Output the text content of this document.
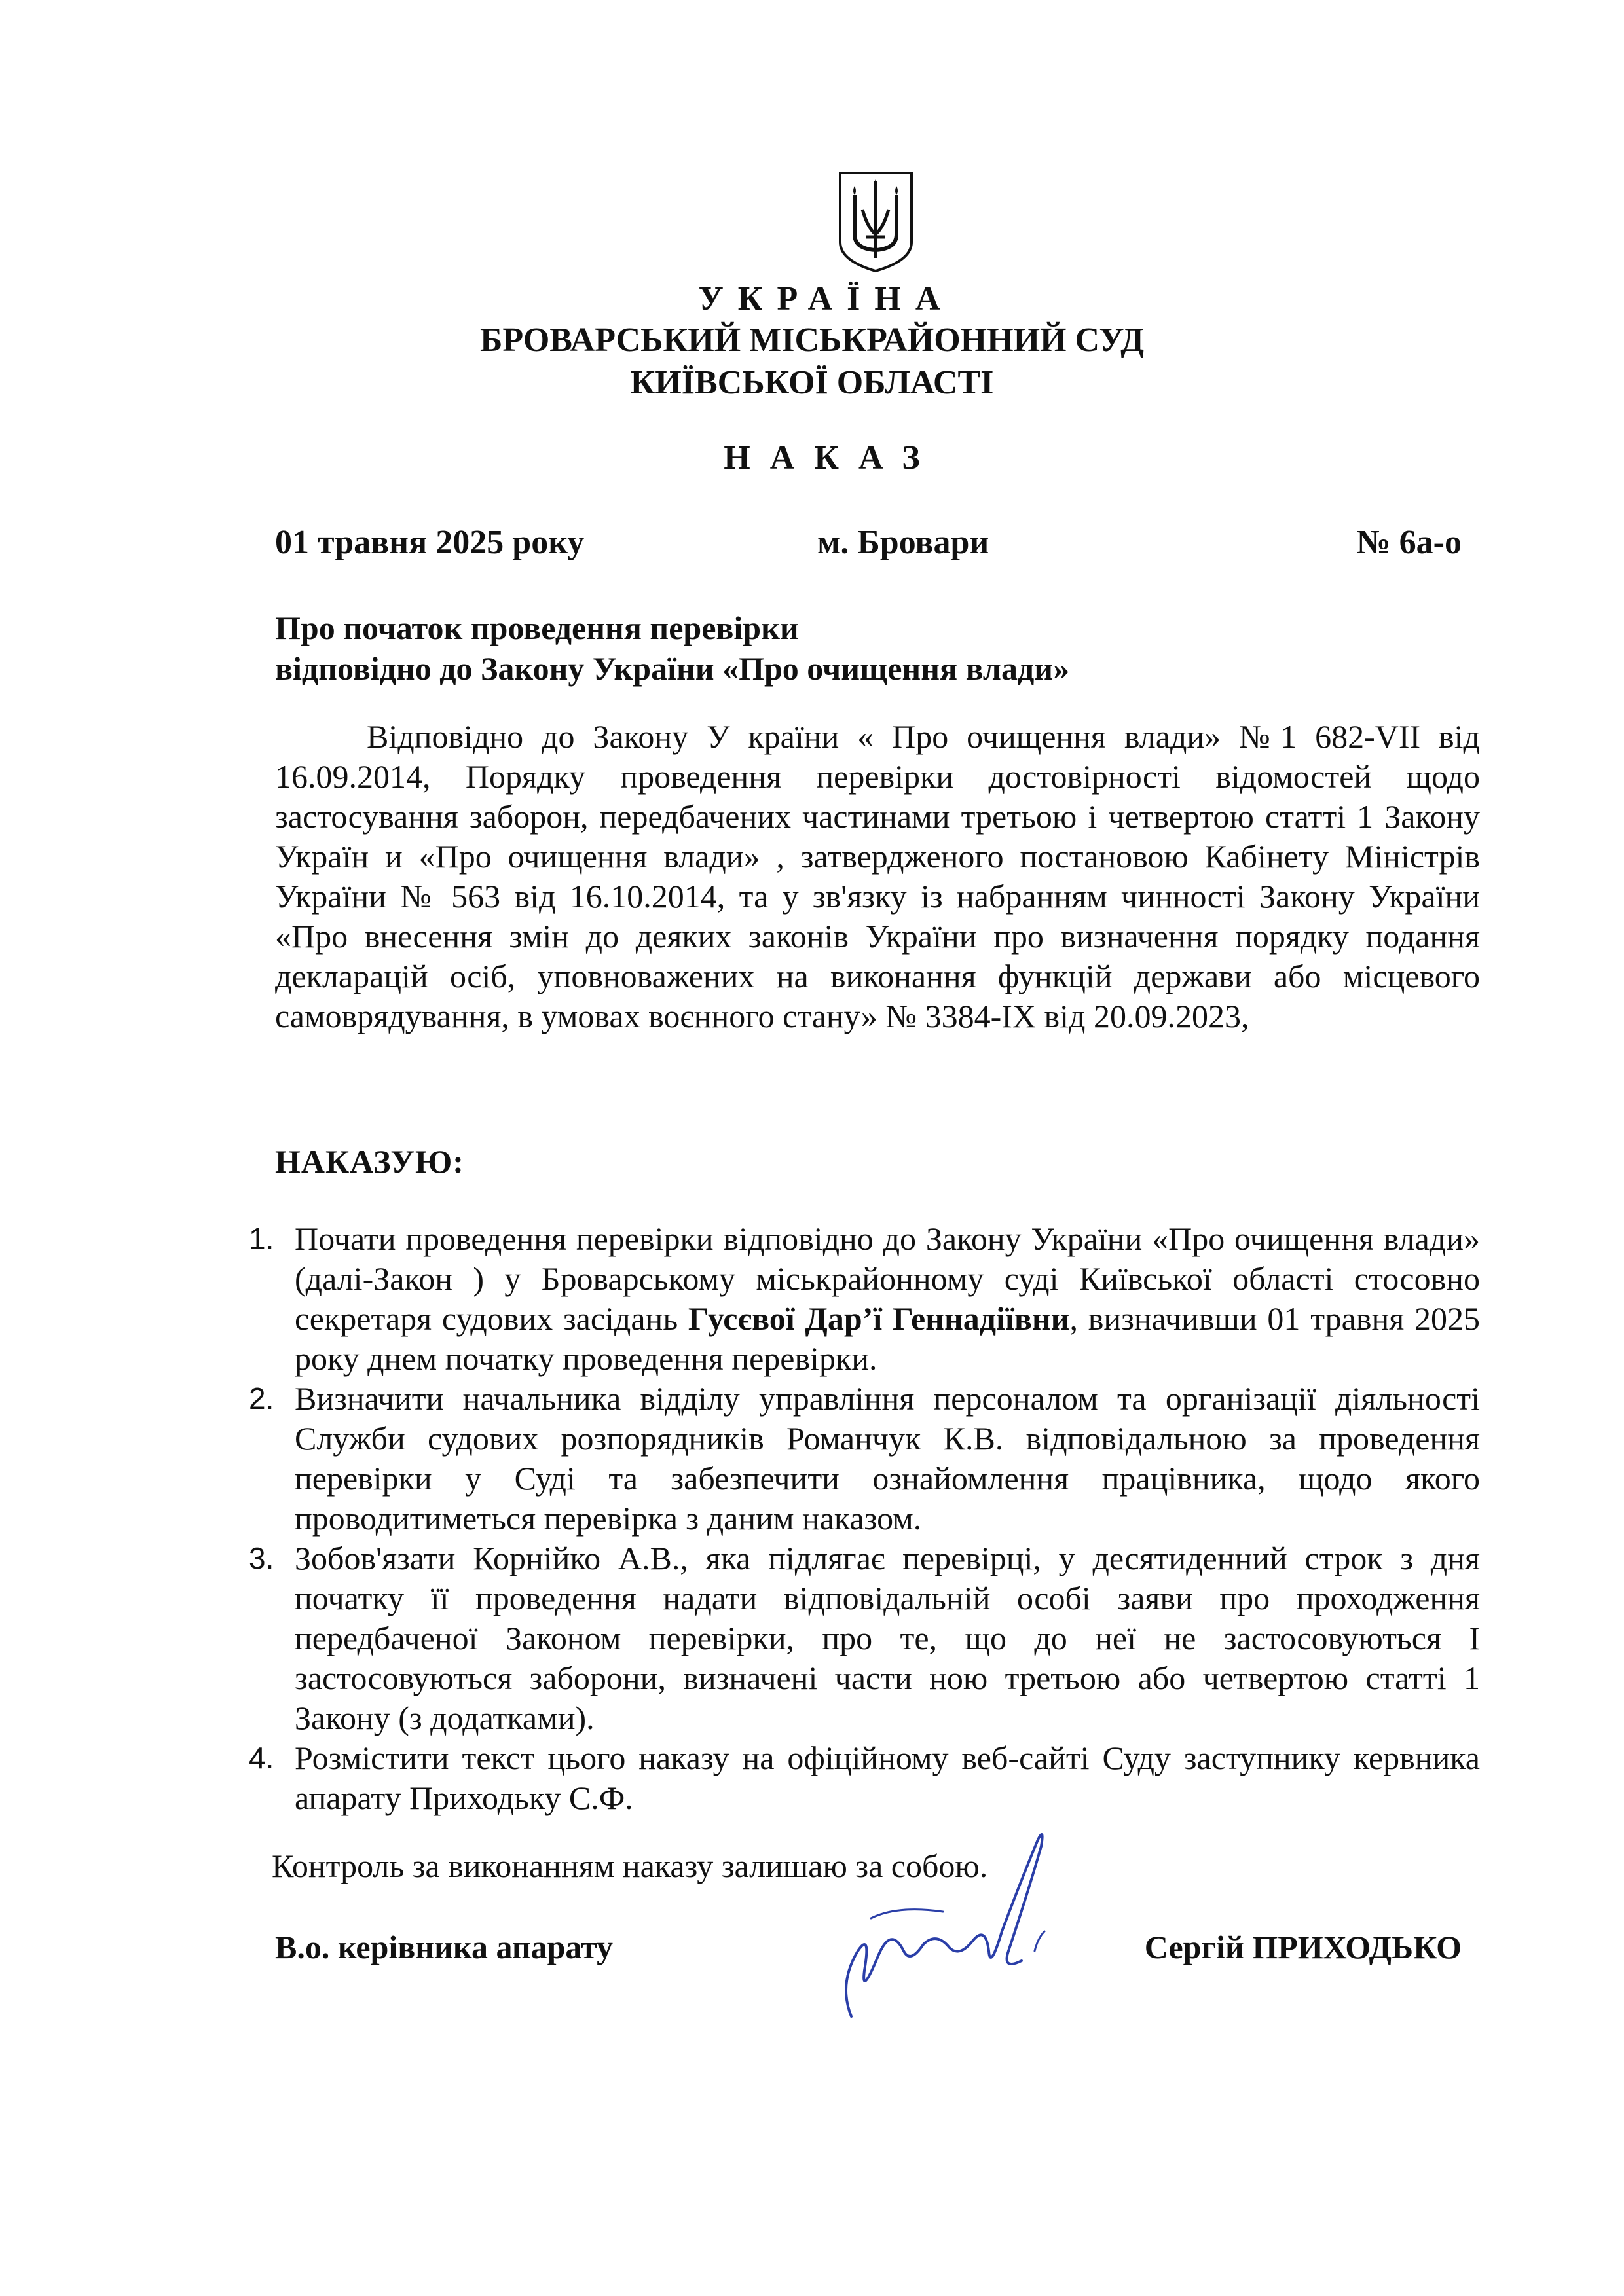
УКРАЇНА
БРОВАРСЬКИЙ МІСЬКРАЙОННИЙ СУД
КИЇВСЬКОЇ ОБЛАСТІ
НАКАЗ
01 травня 2025 року	м. Бровари	№ 6а-о
Про початок проведення перевірки
відповідно до Закону України «Про очищення влади»

Відповідно до Закону У країни « Про очищення влади» №1 682-VII від 16.09.2014, Порядку проведення перевірки достовірності відомостей щодо застосування заборон, передбачених частинами третьою і четвертою статті 1 Закону Україн и «Про очищення влади» , затвердженого постановою Кабінету Міністрів України № 563 від 16.10.2014, та у зв'язку із набранням чинності Закону України «Про внесення змін до деяких законів України про визначення порядку подання декларацій осіб, уповноважених на виконання функцій держави або місцевого самоврядування, в умовах воєнного стану» № 3384-IX від 20.09.2023,

НАКАЗУЮ:
1. Почати проведення перевірки відповідно до Закону України «Про очищення влади» (далі-Закон ) у Броварському міськрайонному суді Київської області стосовно секретаря судових засідань Гусєвої Дар’ї Геннадіївни, визначивши 01 травня 2025 року днем початку проведення перевірки.
2. Визначити начальника відділу управління персоналом та організації діяльності Служби судових розпорядників Романчук К.В. відповідальною за проведення перевірки у Суді та забезпечити ознайомлення працівника, щодо якого проводитиметься перевірка з даним наказом.
3. Зобов'язати Корнійко А.В., яка підлягає перевірці, у десятиденний строк з дня початку її проведення надати відповідальній особі заяви про проходження передбаченої Законом перевірки, про те, що до неї не застосовуються І застосовуються заборони, визначені части ною третьою або четвертою статті 1 Закону (з додатками).
4. Розмістити текст цього наказу на офіційному веб-сайті Суду заступнику кервника апарату Приходьку С.Ф.
Контроль за виконанням наказу залишаю за собою.
В.о. керівника апарату	Сергій ПРИХОДЬКО
